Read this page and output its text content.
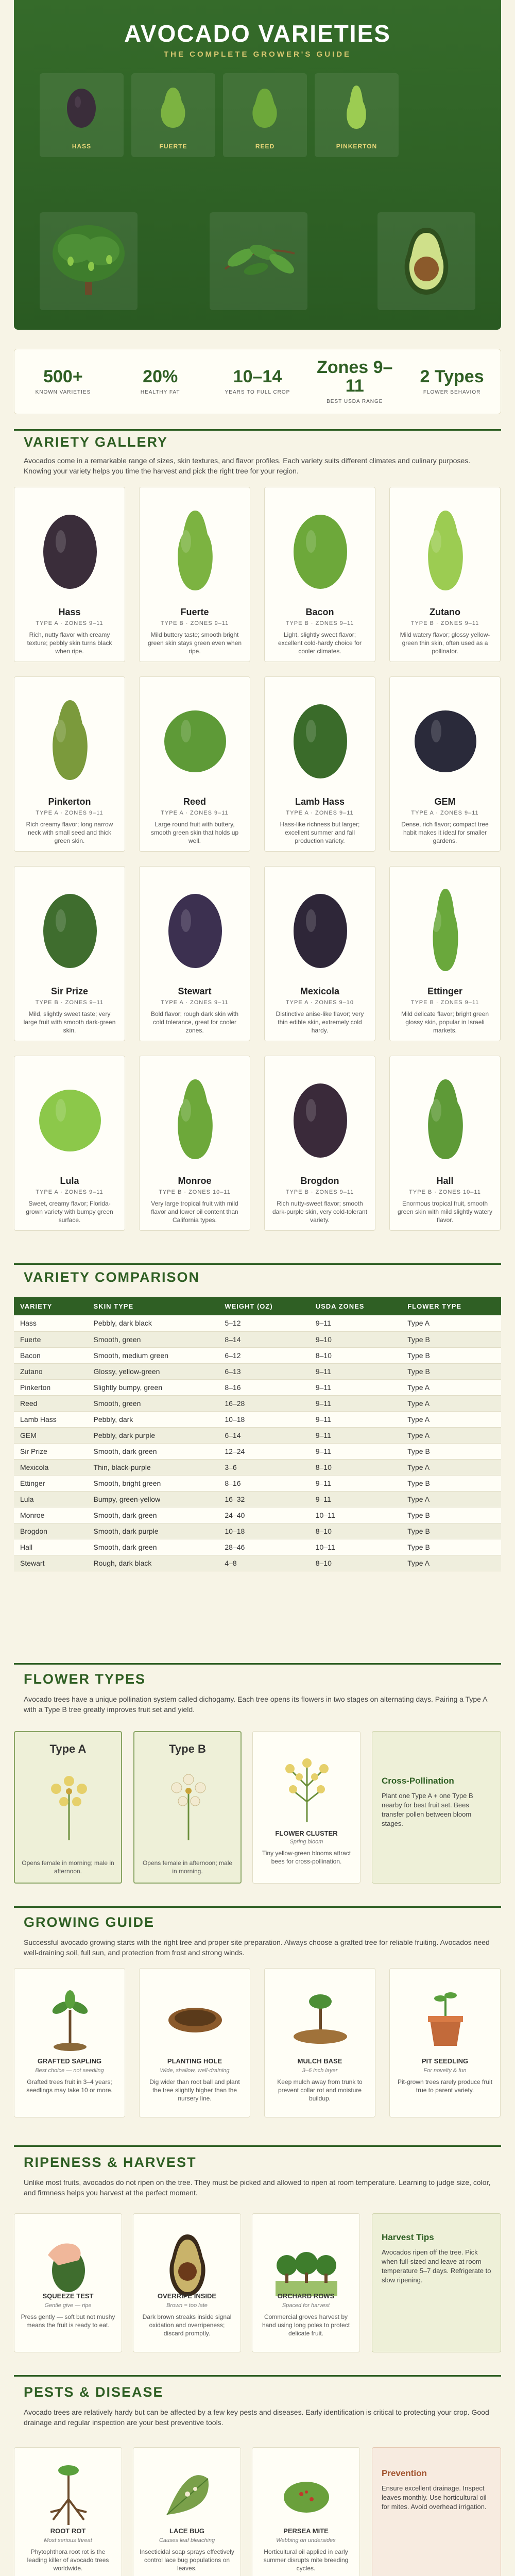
AVOCADO VARIETIES
THE COMPLETE GROWER'S GUIDE
HASS	FUERTE	REED	PINKERTON
500+
KNOWN VARIETIES
20%
HEALTHY FAT
10–14
YEARS TO FULL CROP
Zones 9–11
BEST USDA RANGE
2 Types
FLOWER BEHAVIOR
VARIETY GALLERY
Avocados come in a remarkable range of sizes, skin textures, and flavor profiles. Each variety suits different climates and culinary purposes. Knowing your variety helps you time the harvest and pick the right tree for your region.
Hass
TYPE A · ZONES 9–11
Rich, nutty flavor with creamy texture; pebbly skin turns black when ripe.
Fuerte
TYPE B · ZONES 9–11
Mild buttery taste; smooth bright green skin stays green even when ripe.
Bacon
TYPE B · ZONES 9–11
Light, slightly sweet flavor; excellent cold-hardy choice for cooler climates.
Zutano
TYPE B · ZONES 9–11
Mild watery flavor; glossy yellow-green thin skin, often used as a pollinator.
Pinkerton
TYPE A · ZONES 9–11
Rich creamy flavor; long narrow neck with small seed and thick green skin.
Reed
TYPE A · ZONES 9–11
Large round fruit with buttery, smooth green skin that holds up well.
Lamb Hass
TYPE A · ZONES 9–11
Hass-like richness but larger; excellent summer and fall production variety.
GEM
TYPE A · ZONES 9–11
Dense, rich flavor; compact tree habit makes it ideal for smaller gardens.
Sir Prize
TYPE B · ZONES 9–11
Mild, slightly sweet taste; very large fruit with smooth dark-green skin.
Stewart
TYPE A · ZONES 9–11
Bold flavor; rough dark skin with cold tolerance, great for cooler zones.
Mexicola
TYPE A · ZONES 9–10
Distinctive anise-like flavor; very thin edible skin, extremely cold hardy.
Ettinger
TYPE B · ZONES 9–11
Mild delicate flavor; bright green glossy skin, popular in Israeli markets.
Lula
TYPE A · ZONES 9–11
Sweet, creamy flavor; Florida-grown variety with bumpy green surface.
Monroe
TYPE B · ZONES 10–11
Very large tropical fruit with mild flavor and lower oil content than California types.
Brogdon
TYPE B · ZONES 9–11
Rich nutty-sweet flavor; smooth dark-purple skin, very cold-tolerant variety.
Hall
TYPE B · ZONES 10–11
Enormous tropical fruit, smooth green skin with mild slightly watery flavor.
VARIETY COMPARISON
VARIETY	SKIN TYPE	WEIGHT (OZ)	USDA ZONES	FLOWER TYPE
Hass	Pebbly, dark black	5–12	9–11	Type A
Fuerte	Smooth, green	8–14	9–10	Type B
Bacon	Smooth, medium green	6–12	8–10	Type B
Zutano	Glossy, yellow-green	6–13	9–11	Type B
Pinkerton	Slightly bumpy, green	8–16	9–11	Type A
Reed	Smooth, green	16–28	9–11	Type A
Lamb Hass	Pebbly, dark	10–18	9–11	Type A
GEM	Pebbly, dark purple	6–14	9–11	Type A
Sir Prize	Smooth, dark green	12–24	9–11	Type B
Mexicola	Thin, black-purple	3–6	8–10	Type A
Ettinger	Smooth, bright green	8–16	9–11	Type B
Lula	Bumpy, green-yellow	16–32	9–11	Type A
Monroe	Smooth, dark green	24–40	10–11	Type B
Brogdon	Smooth, dark purple	10–18	8–10	Type B
Hall	Smooth, dark green	28–46	10–11	Type B
Stewart	Rough, dark black	4–8	8–10	Type A
FLOWER TYPES
Avocado trees have a unique pollination system called dichogamy. Each tree opens its flowers in two stages on alternating days. Pairing a Type A with a Type B tree greatly improves fruit set and yield.
Type A
Opens female in morning; male in afternoon.
Type B
Opens female in afternoon; male in morning.
FLOWER CLUSTER
Spring bloom
Tiny yellow-green blooms attract bees for cross-pollination.
Cross-Pollination
Plant one Type A + one Type B nearby for best fruit set. Bees transfer pollen between bloom stages.
GROWING GUIDE
Successful avocado growing starts with the right tree and proper site preparation. Always choose a grafted tree for reliable fruiting. Avocados need well-draining soil, full sun, and protection from frost and strong winds.
GRAFTED SAPLING
Best choice — not seedling
Grafted trees fruit in 3–4 years; seedlings may take 10 or more.
PLANTING HOLE
Wide, shallow, well-draining
Dig wider than root ball and plant the tree slightly higher than the nursery line.
MULCH BASE
3–6 inch layer
Keep mulch away from trunk to prevent collar rot and moisture buildup.
PIT SEEDLING
For novelty & fun
Pit-grown trees rarely produce fruit true to parent variety.
RIPENESS & HARVEST
Unlike most fruits, avocados do not ripen on the tree. They must be picked and allowed to ripen at room temperature. Learning to judge size, color, and firmness helps you harvest at the perfect moment.
SQUEEZE TEST
Gentle give — ripe
Press gently — soft but not mushy means the fruit is ready to eat.
OVERRIPE INSIDE
Brown = too late
Dark brown streaks inside signal oxidation and overripeness; discard promptly.
ORCHARD ROWS
Spaced for harvest
Commercial groves harvest by hand using long poles to protect delicate fruit.
Harvest Tips
Avocados ripen off the tree. Pick when full-sized and leave at room temperature 5–7 days. Refrigerate to slow ripening.
PESTS & DISEASE
Avocado trees are relatively hardy but can be affected by a few key pests and diseases. Early identification is critical to protecting your crop. Good drainage and regular inspection are your best preventive tools.
ROOT ROT
Most serious threat
Phytophthora root rot is the leading killer of avocado trees worldwide.
LACE BUG
Causes leaf bleaching
Insecticidal soap sprays effectively control lace bug populations on leaves.
PERSEA MITE
Webbing on undersides
Horticultural oil applied in early summer disrupts mite breeding cycles.
Prevention
Ensure excellent drainage. Inspect leaves monthly. Use horticultural oil for mites. Avoid overhead irrigation.
